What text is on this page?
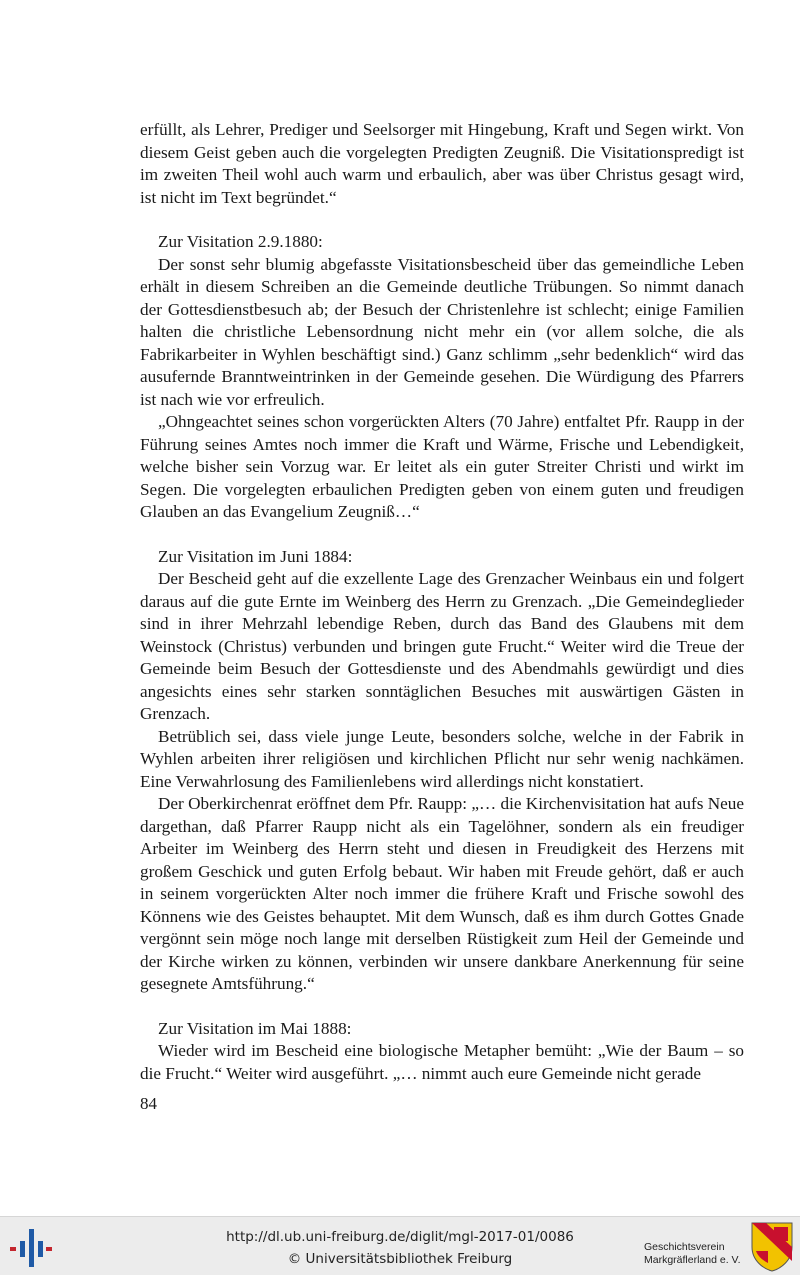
erfüllt, als Lehrer, Prediger und Seelsorger mit Hingebung, Kraft und Segen wirkt. Von diesem Geist geben auch die vorgelegten Predigten Zeugniß. Die Visitationspredigt ist im zweiten Theil wohl auch warm und erbaulich, aber was über Christus gesagt wird, ist nicht im Text begründet.“

Zur Visitation 2.9.1880:

Der sonst sehr blumig abgefasste Visitationsbescheid über das gemeindliche Leben erhält in diesem Schreiben an die Gemeinde deutliche Trübungen. So nimmt danach der Gottesdienstbesuch ab; der Besuch der Christenlehre ist schlecht; einige Familien halten die christliche Lebensordnung nicht mehr ein (vor allem solche, die als Fabrikarbeiter in Wyhlen beschäftigt sind.) Ganz schlimm „sehr bedenklich“ wird das ausufernde Branntweintrinken in der Gemeinde gesehen. Die Würdigung des Pfarrers ist nach wie vor erfreulich.

„Ohngeachtet seines schon vorgerückten Alters (70 Jahre) entfaltet Pfr. Raupp in der Führung seines Amtes noch immer die Kraft und Wärme, Frische und Lebendigkeit, welche bisher sein Vorzug war. Er leitet als ein guter Streiter Christi und wirkt im Segen. Die vorgelegten erbaulichen Predigten geben von einem guten und freudigen Glauben an das Evangelium Zeugniß…“

Zur Visitation im Juni 1884:

Der Bescheid geht auf die exzellente Lage des Grenzacher Weinbaus ein und folgert daraus auf die gute Ernte im Weinberg des Herrn zu Grenzach. „Die Gemeindeglieder sind in ihrer Mehrzahl lebendige Reben, durch das Band des Glaubens mit dem Weinstock (Christus) verbunden und bringen gute Frucht.“ Weiter wird die Treue der Gemeinde beim Besuch der Gottesdienste und des Abendmahls gewürdigt und dies angesichts eines sehr starken sonntäglichen Besuches mit auswärtigen Gästen in Grenzach.

Betrüblich sei, dass viele junge Leute, besonders solche, welche in der Fabrik in Wyhlen arbeiten ihrer religiösen und kirchlichen Pflicht nur sehr wenig nachkämen. Eine Verwahrlosung des Familienlebens wird allerdings nicht konstatiert.

Der Oberkirchenrat eröffnet dem Pfr. Raupp: „… die Kirchenvisitation hat aufs Neue dargethan, daß Pfarrer Raupp nicht als ein Tagelöhner, sondern als ein freudiger Arbeiter im Weinberg des Herrn steht und diesen in Freudigkeit des Herzens mit großem Geschick und guten Erfolg bebaut. Wir haben mit Freude gehört, daß er auch in seinem vorgerückten Alter noch immer die frühere Kraft und Frische sowohl des Könnens wie des Geistes behauptet. Mit dem Wunsch, daß es ihm durch Gottes Gnade vergönnt sein möge noch lange mit derselben Rüstigkeit zum Heil der Gemeinde und der Kirche wirken zu können, verbinden wir unsere dankbare Anerkennung für seine gesegnete Amtsführung.“

Zur Visitation im Mai 1888:

Wieder wird im Bescheid eine biologische Metapher bemüht: „Wie der Baum – so die Frucht.“ Weiter wird ausgeführt. „… nimmt auch eure Gemeinde nicht gerade

84
http://dl.ub.uni-freiburg.de/diglit/mgl-2017-01/0086
© Universitätsbibliothek Freiburg
Geschichtsverein
Markgräflerland e. V.
